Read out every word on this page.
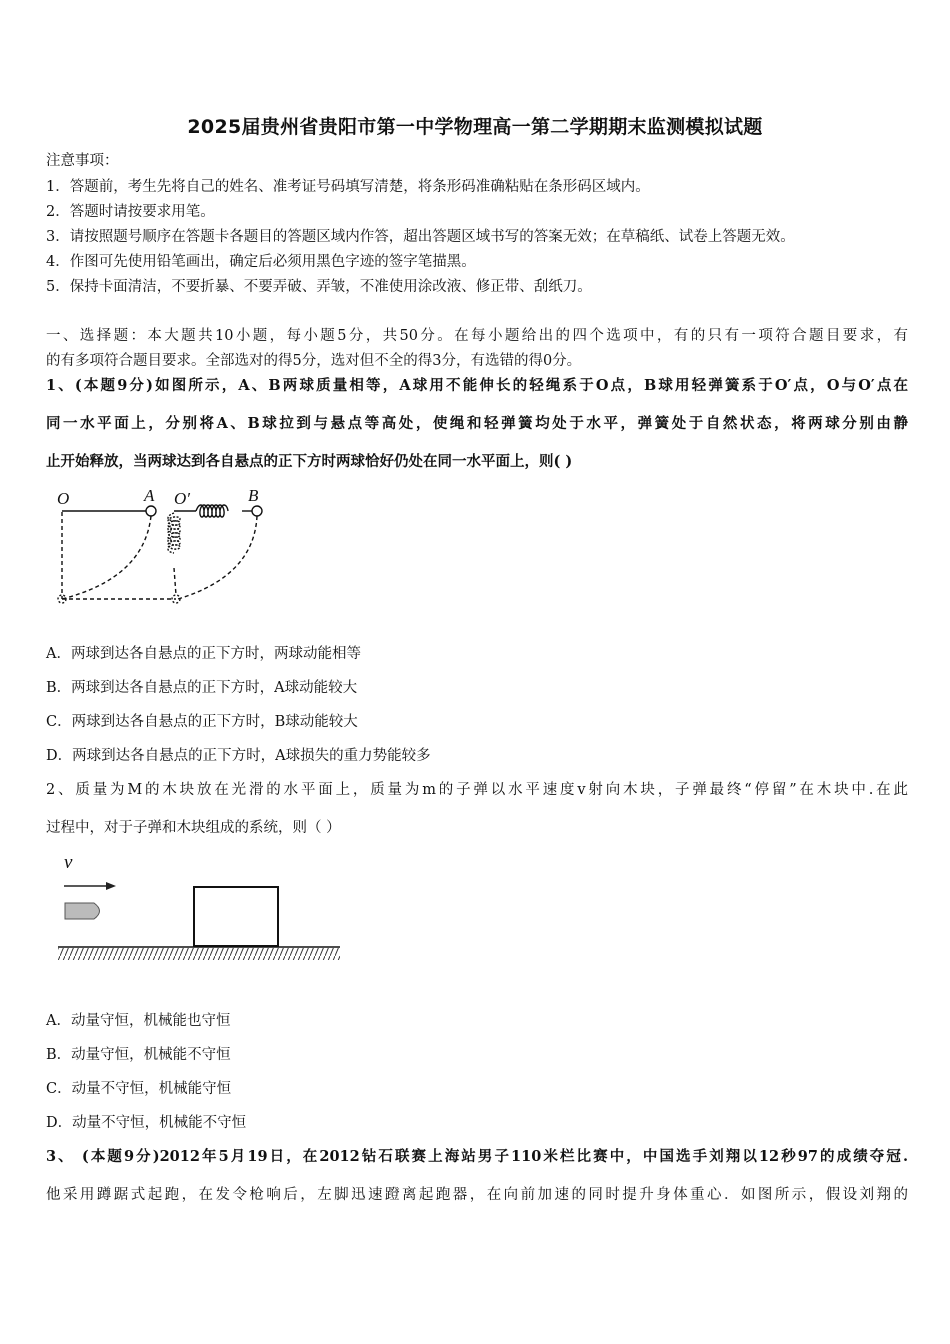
2025届贵州省贵阳市第一中学物理高一第二学期期末监测模拟试题
注意事项：
1．答题前，考生先将自己的姓名、准考证号码填写清楚，将条形码准确粘贴在条形码区域内。
2．答题时请按要求用笔。
3．请按照题号顺序在答题卡各题目的答题区域内作答，超出答题区域书写的答案无效；在草稿纸、试卷上答题无效。
4．作图可先使用铅笔画出，确定后必须用黑色字迹的签字笔描黑。
5．保持卡面清洁，不要折暴、不要弄破、弄皱，不准使用涂改液、修正带、刮纸刀。
一、选择题：本大题共10小题，每小题5分，共50分。在每小题给出的四个选项中，有的只有一项符合题目要求，有
的有多项符合题目要求。全部选对的得5分，选对但不全的得3分，有选错的得0分。
1、(本题9分)如图所示，A、B两球质量相等，A球用不能伸长的轻绳系于O点，B球用轻弹簧系于O′点，O与O′点在
同一水平面上，分别将A、B球拉到与悬点等高处，使绳和轻弹簧均处于水平，弹簧处于自然状态，将两球分别由静
止开始释放，当两球达到各自悬点的正下方时两球恰好仍处在同一水平面上，则( )
O	A O′	B
A．两球到达各自悬点的正下方时，两球动能相等
B．两球到达各自悬点的正下方时，A球动能较大
C．两球到达各自悬点的正下方时，B球动能较大
D．两球到达各自悬点的正下方时，A球损失的重力势能较多
2、质量为M的木块放在光滑的水平面上，质量为m的子弹以水平速度v射向木块，子弹最终“停留”在木块中.在此
过程中，对于子弹和木块组成的系统，则（ ）
v
A．动量守恒，机械能也守恒
B．动量守恒，机械能不守恒
C．动量不守恒，机械能守恒
D．动量不守恒，机械能不守恒
3、 (本题9分)2012年5月19日，在2012钻石联赛上海站男子110米栏比赛中，中国选手刘翔以12秒97的成绩夺冠.
他采用蹲踞式起跑，在发令枪响后，左脚迅速蹬离起跑器，在向前加速的同时提升身体重心．如图所示，假设刘翔的
